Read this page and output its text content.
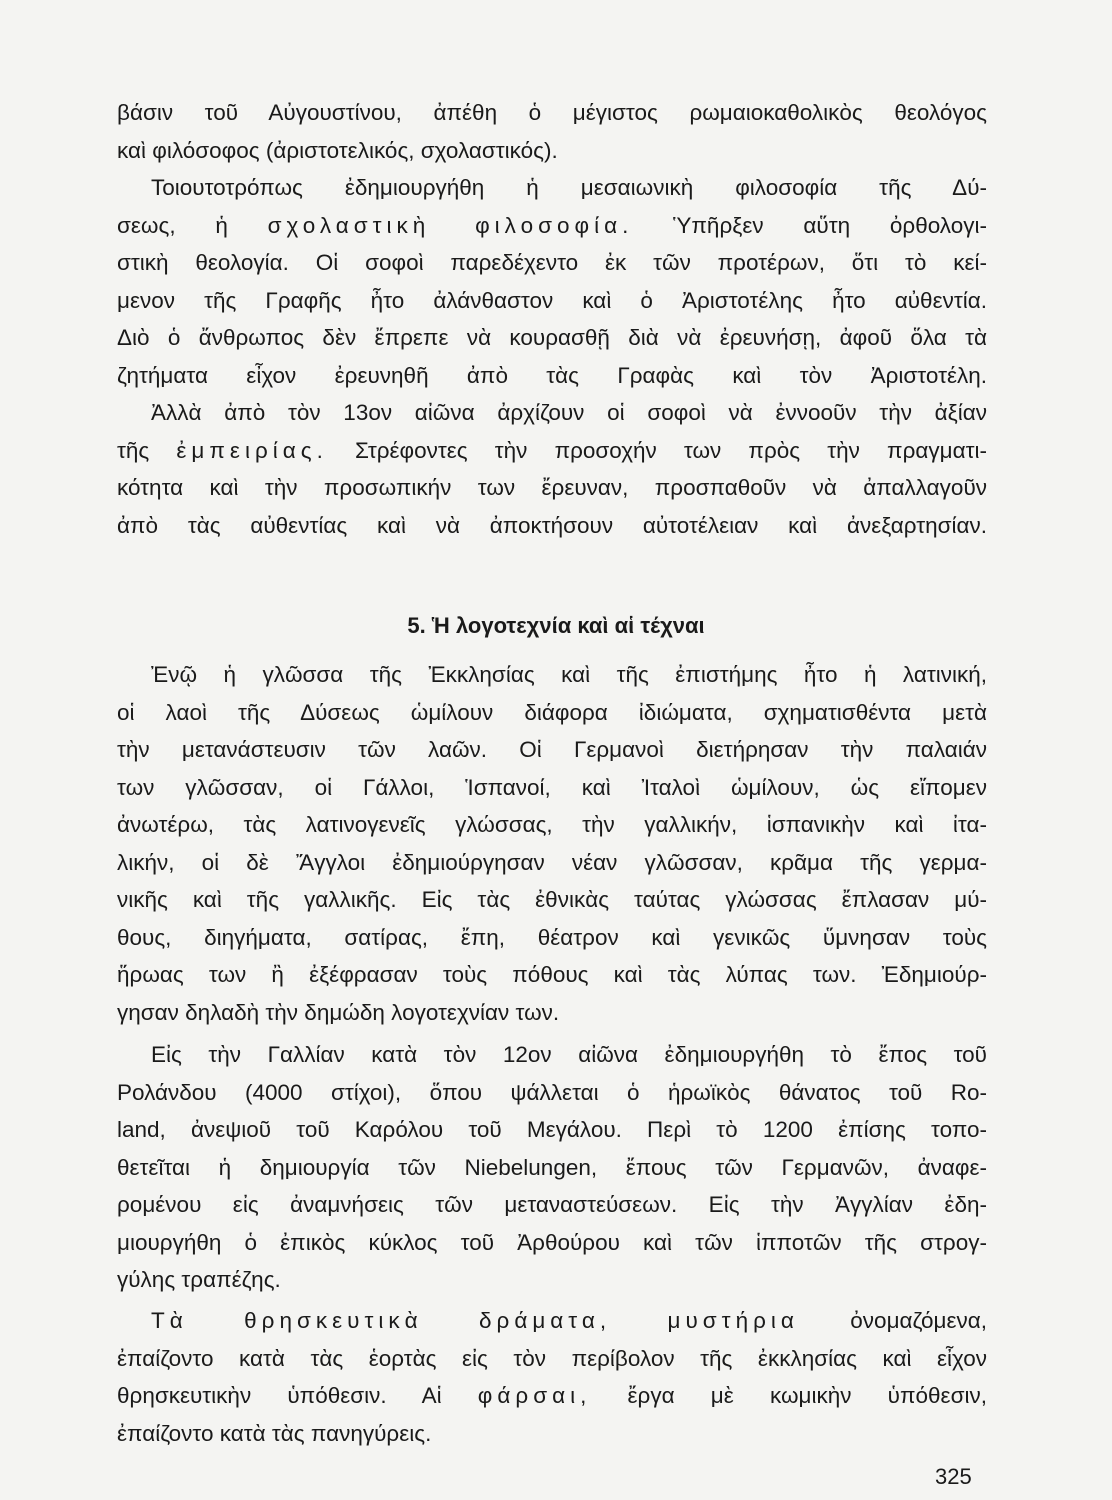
βάσιν τοῦ Αὐγουστίνου, ἀπέθη ὁ μέγιστος ρωμαιοκαθολικὸς θεολόγος
καὶ φιλόσοφος (ἀριστοτελικός, σχολαστικός).
Τοιουτοτρόπως ἐδημιουργήθη ἡ μεσαιωνικὴ φιλοσοφία τῆς Δύ-
σεως, ἡ σχολαστικὴ φιλοσοφία. Ὑπῆρξεν αὕτη ὀρθολογι-
στικὴ θεολογία. Οἱ σοφοὶ παρεδέχεντο ἐκ τῶν προτέρων, ὅτι τὸ κεί-
μενον τῆς Γραφῆς ἦτο ἀλάνθαστον καὶ ὁ Ἀριστοτέλης ἦτο αὐθεντία.
Διὸ ὁ ἄνθρωπος δὲν ἔπρεπε νὰ κουρασθῇ διὰ νὰ ἐρευνήσῃ, ἀφοῦ ὅλα τὰ
ζητήματα εἶχον ἐρευνηθῆ ἀπὸ τὰς Γραφὰς καὶ τὸν Ἀριστοτέλη.
Ἀλλὰ ἀπὸ τὸν 13ον αἰῶνα ἀρχίζουν οἱ σοφοὶ νὰ ἐννοοῦν τὴν ἀξίαν
τῆς ἐμπειρίας. Στρέφοντες τὴν προσοχήν των πρὸς τὴν πραγματι-
κότητα καὶ τὴν προσωπικήν των ἔρευναν, προσπαθοῦν νὰ ἀπαλλαγοῦν
ἀπὸ τὰς αὐθεντίας καὶ νὰ ἀποκτήσουν αὐτοτέλειαν καὶ ἀνεξαρτησίαν.
5. Ἡ λογοτεχνία καὶ αἱ τέχναι
Ἐνῷ ἡ γλῶσσα τῆς Ἐκκλησίας καὶ τῆς ἐπιστήμης ἦτο ἡ λατινική,
οἱ λαοὶ τῆς Δύσεως ὡμίλουν διάφορα ἰδιώματα, σχηματισθέντα μετὰ
τὴν μετανάστευσιν τῶν λαῶν. Οἱ Γερμανοὶ διετήρησαν τὴν παλαιάν
των γλῶσσαν, οἱ Γάλλοι, Ἱσπανοί, καὶ Ἰταλοὶ ὡμίλουν, ὡς εἴπομεν
ἀνωτέρω, τὰς λατινογενεῖς γλώσσας, τὴν γαλλικήν, ἱσπανικὴν καὶ ἰτα-
λικήν, οἱ δὲ Ἄγγλοι ἐδημιούργησαν νέαν γλῶσσαν, κρᾶμα τῆς γερμα-
νικῆς καὶ τῆς γαλλικῆς. Εἰς τὰς ἐθνικὰς ταύτας γλώσσας ἔπλασαν μύ-
θους, διηγήματα, σατίρας, ἔπη, θέατρον καὶ γενικῶς ὕμνησαν τοὺς
ἥρωας των ἢ ἐξέφρασαν τοὺς πόθους καὶ τὰς λύπας των. Ἐδημιούρ-
γησαν δηλαδὴ τὴν δημώδη λογοτεχνίαν των.
Εἰς τὴν Γαλλίαν κατὰ τὸν 12ον αἰῶνα ἐδημιουργήθη τὸ ἔπος τοῦ
Ρολάνδου (4000 στίχοι), ὅπου ψάλλεται ὁ ἡρωϊκὸς θάνατος τοῦ Ro-
land, ἀνεψιοῦ τοῦ Καρόλου τοῦ Μεγάλου. Περὶ τὸ 1200 ἐπίσης τοπο-
θετεῖται ἡ δημιουργία τῶν Niebelungen, ἔπους τῶν Γερμανῶν, ἀναφε-
ρομένου εἰς ἀναμνήσεις τῶν μεταναστεύσεων. Εἰς τὴν Ἀγγλίαν ἐδη-
μιουργήθη ὁ ἐπικὸς κύκλος τοῦ Ἀρθούρου καὶ τῶν ἱπποτῶν τῆς στρογ-
γύλης τραπέζης.
Τὰ θρησκευτικὰ δράματα, μυστήρια ὀνομαζόμενα,
ἐπαίζοντο κατὰ τὰς ἑορτὰς εἰς τὸν περίβολον τῆς ἐκκλησίας καὶ εἶχον
θρησκευτικὴν ὑπόθεσιν. Αἱ φάρσαι, ἔργα μὲ κωμικὴν ὑπόθεσιν,
ἐπαίζοντο κατὰ τὰς πανηγύρεις.
325
